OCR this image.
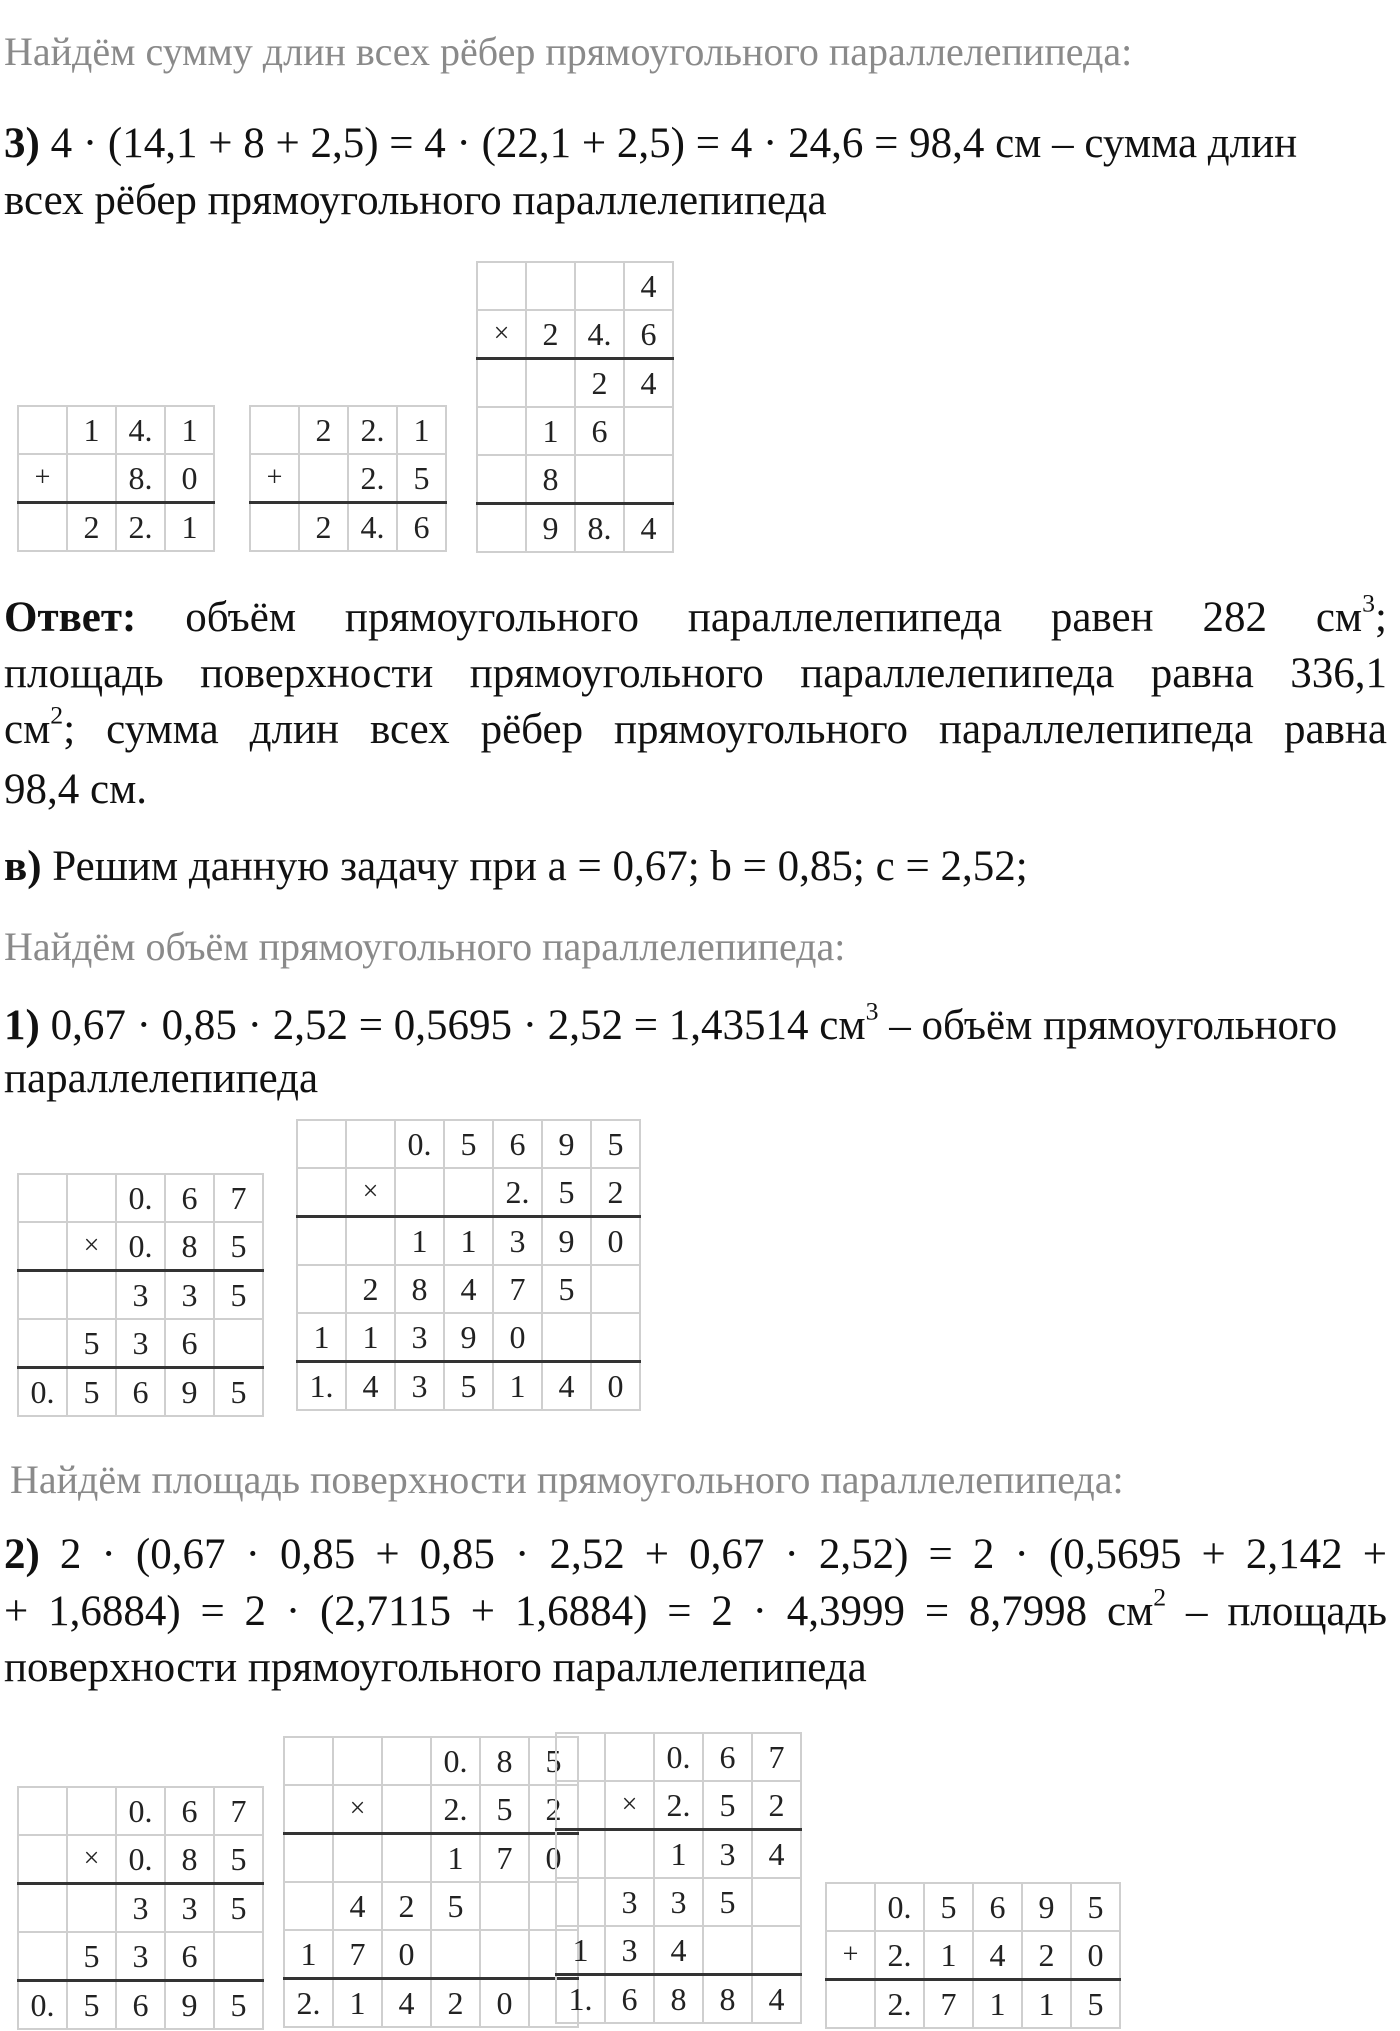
Найдём сумму длин всех рёбер прямоугольного параллелепипеда:
3) 4 · (14,1 + 8 + 2,5) = 4 · (22,1 + 2,5) = 4 · 24,6 = 98,4 см – сумма длин
всех рёбер прямоугольного параллелепипеда
	1	4.	1
+		8.	0
	2	2.	1
	2	2.	1
+		2.	5
	2	4.	6
			4
×	2	4.	6
		2	4
	1	6	
	8		
	9	8.	4
Ответ: объём прямоугольного параллелепипеда равен 282 $см^3$;
площадь поверхности прямоугольного параллелепипеда равна 336,1
$см^2$; сумма длин всех рёбер прямоугольного параллелепипеда равна
98,4 см.
в) Решим данную задачу при a = 0,67; b = 0,85; c = 2,52;
Найдём объём прямоугольного параллелепипеда:
1) 0,67 · 0,85 · 2,52 = 0,5695 · 2,52 = 1,43514 $см^3$ – объём прямоугольного
параллелепипеда
		0.	6	7
	×	0.	8	5
		3	3	5
	5	3	6	
0.	5	6	9	5
		0.	5	6	9	5
	×			2.	5	2
		1	1	3	9	0
	2	8	4	7	5	
1	1	3	9	0		
1.	4	3	5	1	4	0
Найдём площадь поверхности прямоугольного параллелепипеда:
2) 2 · (0,67 · 0,85 + 0,85 · 2,52 + 0,67 · 2,52) = 2 · (0,5695 + 2,142 +
+ 1,6884) = 2 · (2,7115 + 1,6884) = 2 · 4,3999 = 8,7998 $см^2$ – площадь
поверхности прямоугольного параллелепипеда
		0.	6	7
	×	0.	8	5
		3	3	5
	5	3	6	
0.	5	6	9	5
			0.	8	5
	×		2.	5	2
			1	7	0
	4	2	5		
1	7	0			
2.	1	4	2	0	
		0.	6	7
	×	2.	5	2
		1	3	4
	3	3	5	
1	3	4		
1.	6	8	8	4
	0.	5	6	9	5
+	2.	1	4	2	0
	2.	7	1	1	5
